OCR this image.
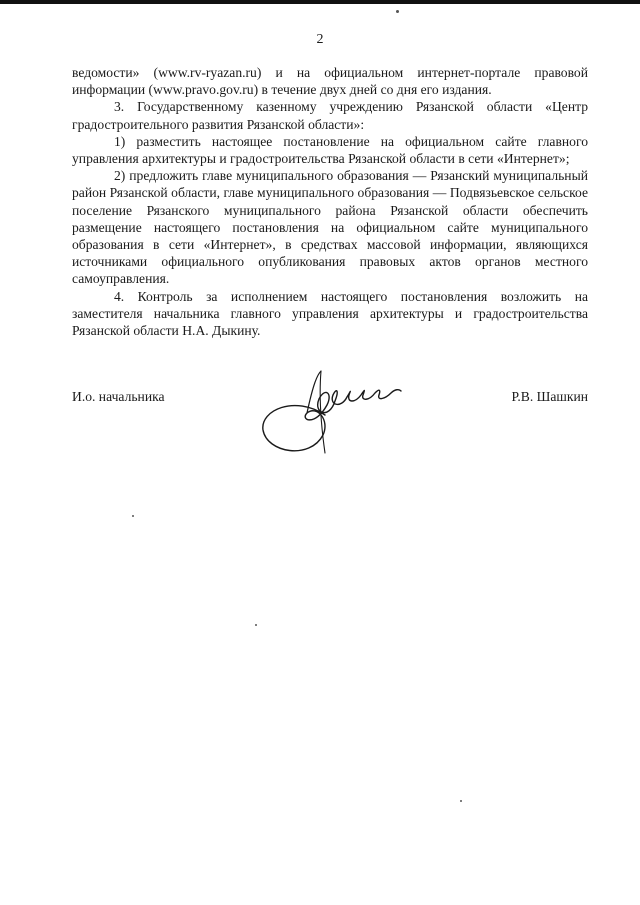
2

ведомости» (www.rv-ryazan.ru) и на официальном интернет-портале правовой информации (www.pravo.gov.ru) в течение двух дней со дня его издания.

3. Государственному казенному учреждению Рязанской области «Центр градостроительного развития Рязанской области»:

1) разместить настоящее постановление на официальном сайте главного управления архитектуры и градостроительства Рязанской области в сети «Интернет»;

2) предложить главе муниципального образования — Рязанский муниципальный район Рязанской области, главе муниципального образования — Подвязьевское сельское поселение Рязанского муниципального района Рязанской области обеспечить размещение настоящего постановления на официальном сайте муниципального образования в сети «Интернет», в средствах массовой информации, являющихся источниками официального опубликования правовых актов органов местного самоуправления.

4. Контроль за исполнением настоящего постановления возложить на заместителя начальника главного управления архитектуры и градостроительства Рязанской области Н.А. Дыкину.

И.о. начальника	Р.В. Шашкин
